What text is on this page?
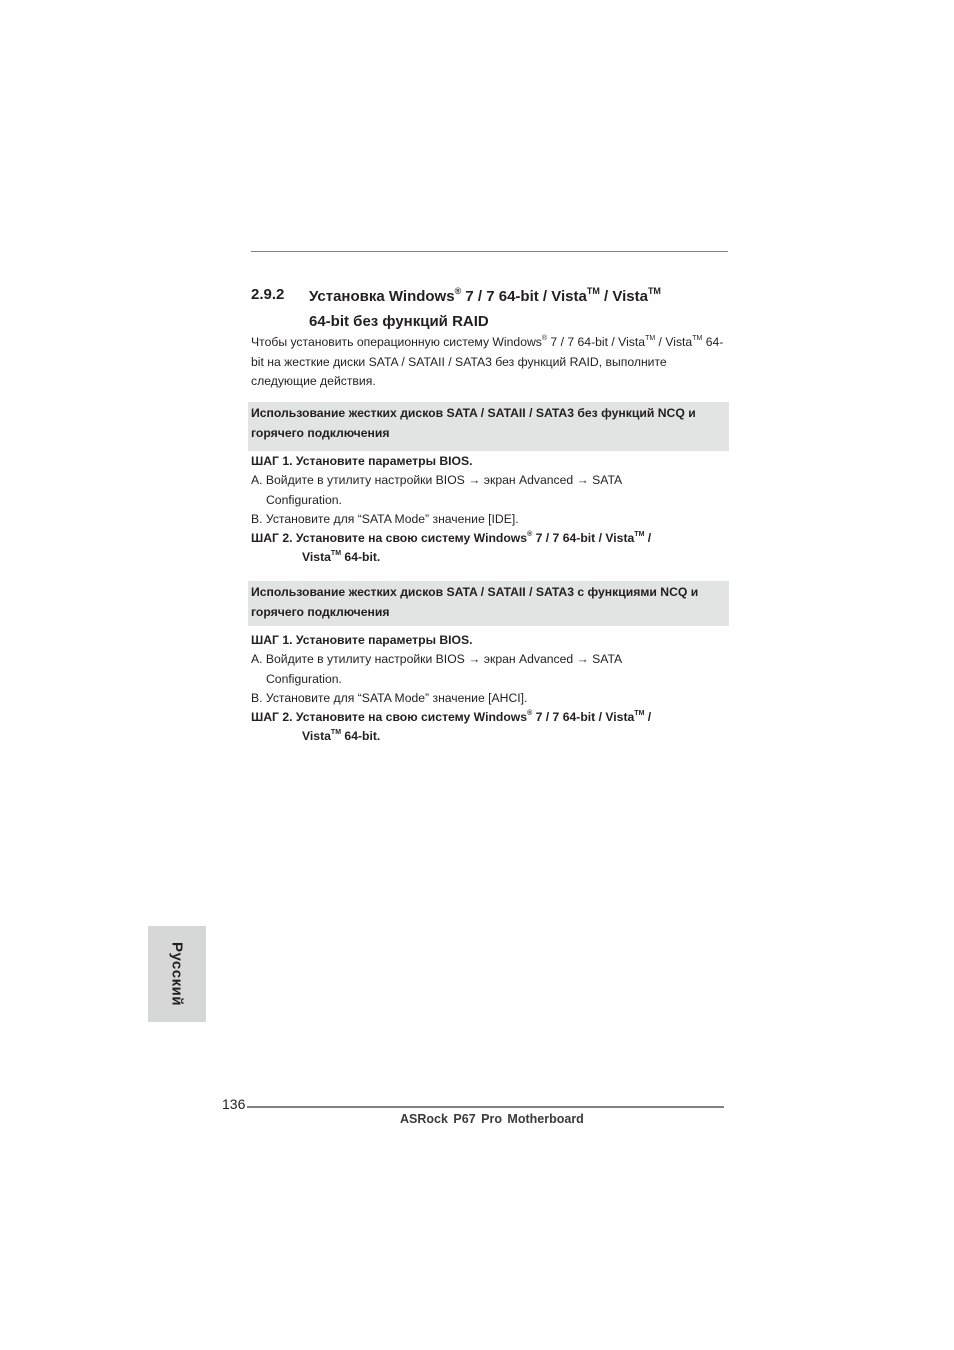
2.9.2 Установка Windows® 7 / 7 64-bit / Vista™ / Vista™
64-bit без функций RAID
Чтобы установить операционную систему Windows® 7 / 7 64-bit / Vista™ / Vista™ 64-bit на жесткие диски SATA / SATAII / SATA3 без функций RAID, выполните следующие действия.
Использование жестких дисков SATA / SATAII / SATA3 без функций NCQ и горячего подключения

ШАГ 1. Установите параметры BIOS.

A. Войдите в утилиту настройки BIOS → экран Advanced → SATA

Configuration.

B. Установите для “SATA Mode” значение [IDE].

ШАГ 2. Установите на свою систему Windows® 7 / 7 64-bit / Vista™ /

Vista™ 64-bit.

Использование жестких дисков SATA / SATAII / SATA3 с функциями NCQ и горячего подключения

ШАГ 1. Установите параметры BIOS.

A. Войдите в утилиту настройки BIOS → экран Advanced → SATA

Configuration.

B. Установите для “SATA Mode” значение [AHCI].

ШАГ 2. Установите на свою систему Windows® 7 / 7 64-bit / Vista™ /

Vista™ 64-bit.

Русский
136
ASRock P67 Pro Motherboard
